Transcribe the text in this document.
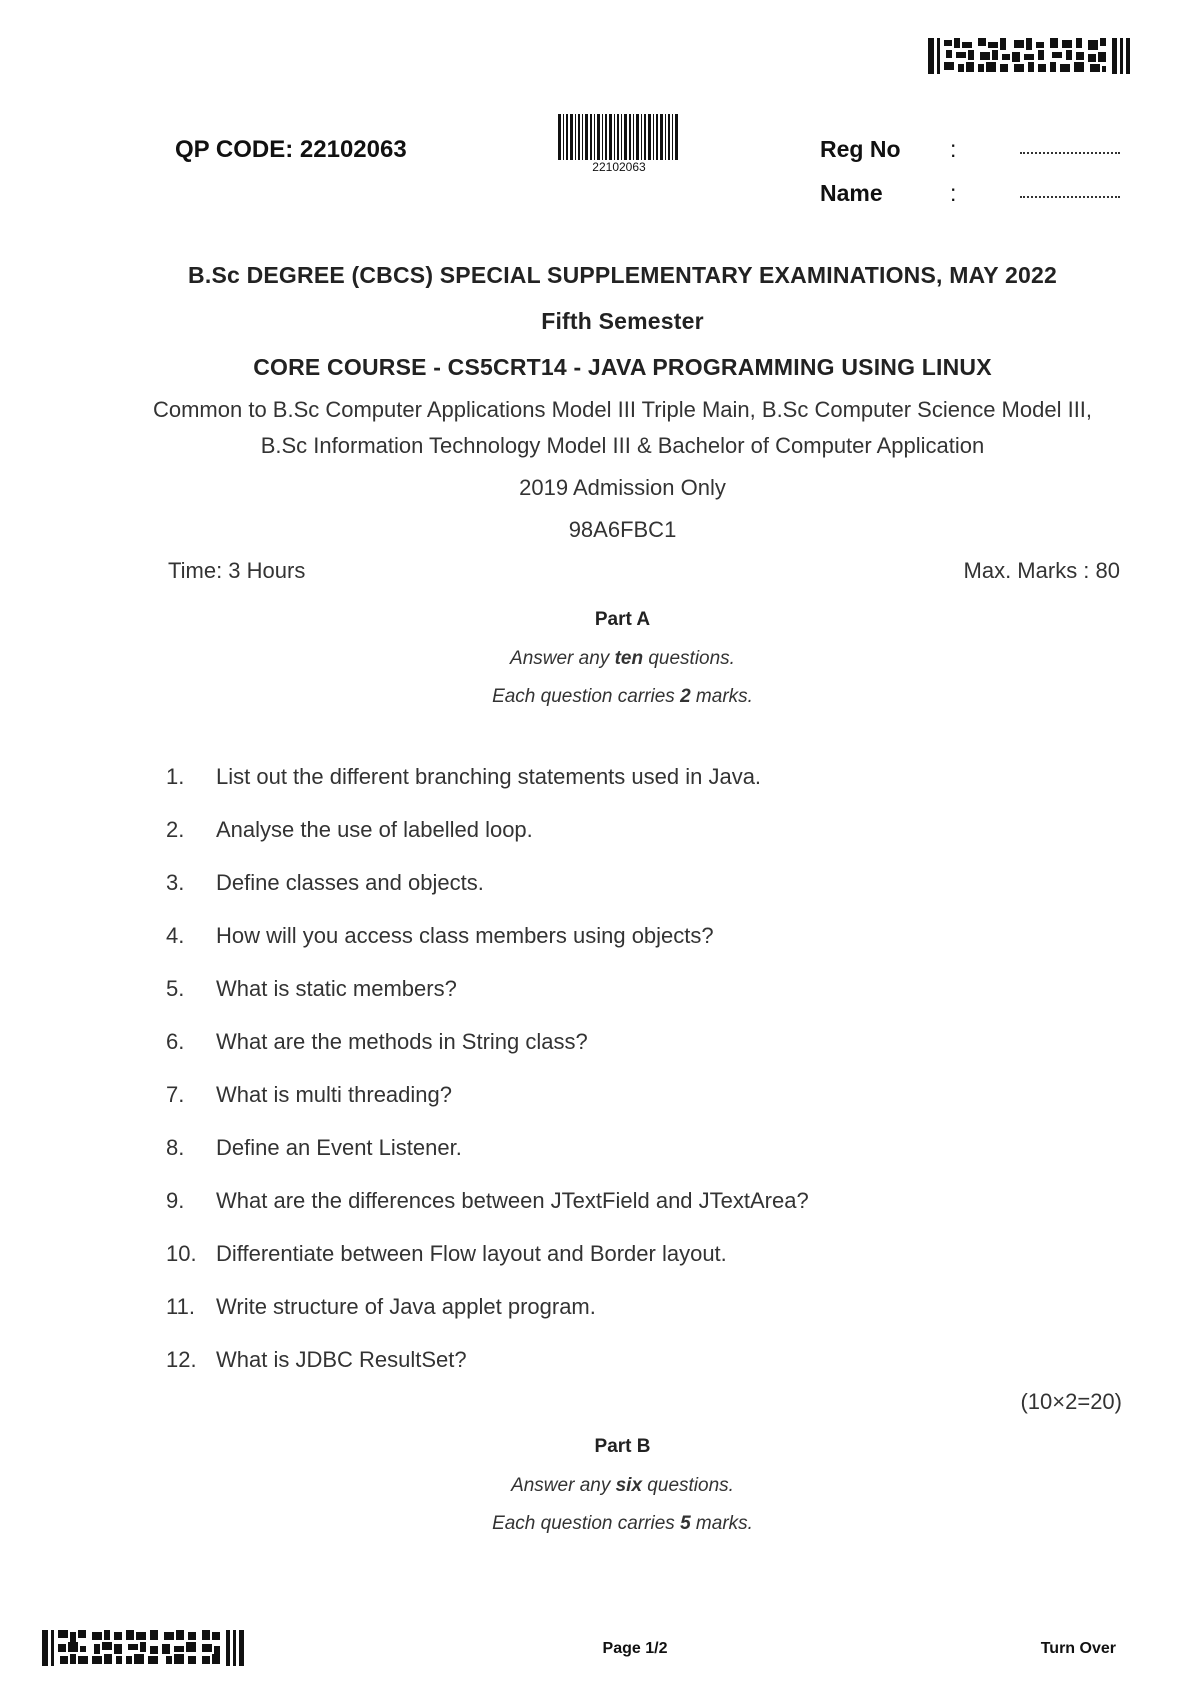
QP CODE: 22102063
22102063
Reg No :
Name	:
B.Sc DEGREE (CBCS) SPECIAL SUPPLEMENTARY EXAMINATIONS, MAY 2022
Fifth Semester
CORE COURSE - CS5CRT14 - JAVA PROGRAMMING USING LINUX
Common to B.Sc Computer Applications Model III Triple Main, B.Sc Computer Science Model III,
B.Sc Information Technology Model III & Bachelor of Computer Application
2019 Admission Only
98A6FBC1
Time: 3 Hours	Max. Marks : 80
Part A
Answer any ten questions.
Each question carries 2 marks.
1. List out the different branching statements used in Java.
2. Analyse the use of labelled loop.
3. Define classes and objects.
4. How will you access class members using objects?
5. What is static members?
6. What are the methods in String class?
7. What is multi threading?
8. Define an Event Listener.
9. What are the differences between JTextField and JTextArea?
10. Differentiate between Flow layout and Border layout.
11. Write structure of Java applet program.
12. What is JDBC ResultSet?
(10×2=20)
Part B
Answer any six questions.
Each question carries 5 marks.
Page 1/2	Turn Over
